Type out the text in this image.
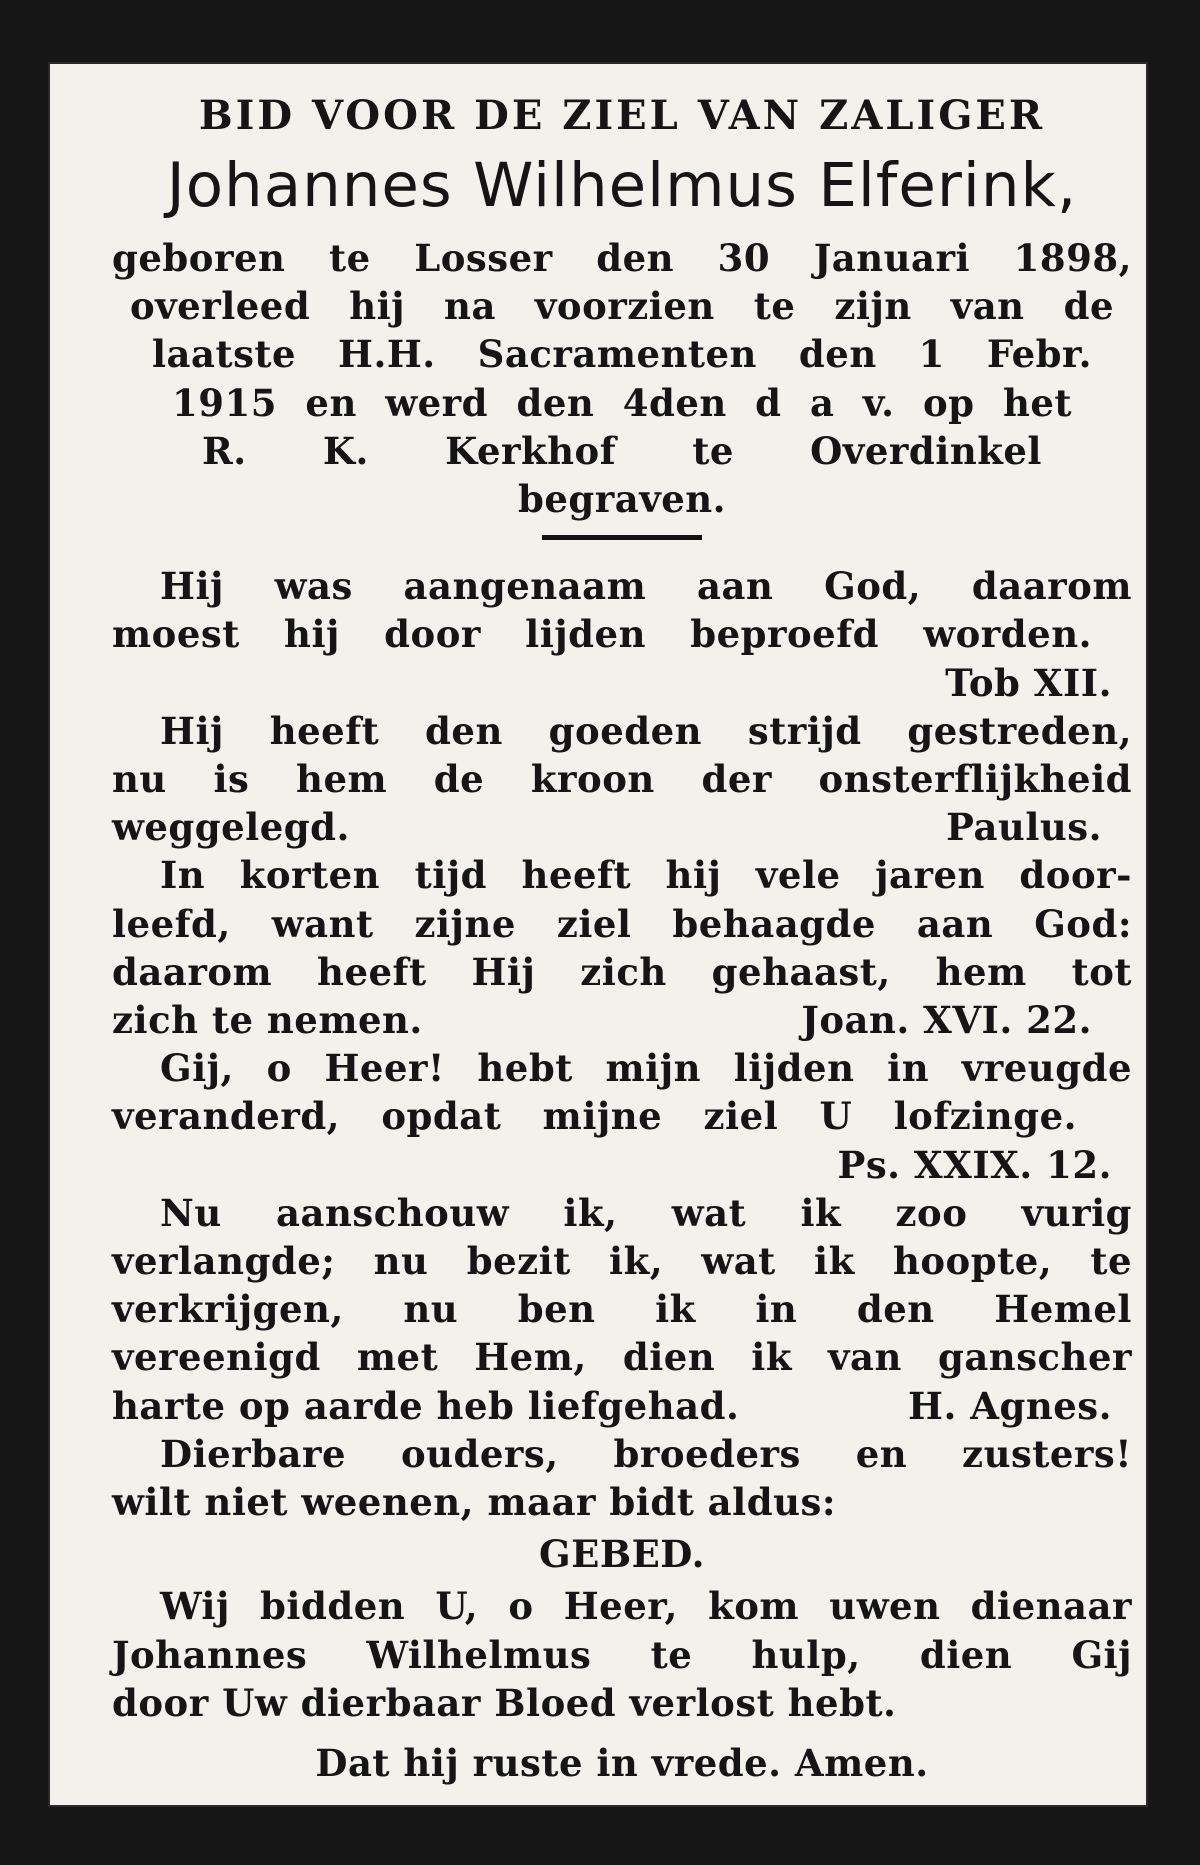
BID VOOR DE ZIEL VAN ZALIGER
Johannes Wilhelmus Elferink,
geboren te Losser den 30 Januari 1898,
overleed hij na voorzien te zijn van de
laatste H.H. Sacramenten den 1 Febr.
1915 en werd den 4den d a v. op het
R. K. Kerkhof te Overdinkel
begraven.
Hij was aangenaam aan God, daarom
moest hij door lijden beproefd worden.
Tob XII.
Hij heeft den goeden strijd gestreden,
nu is hem de kroon der onsterflijkheid
weggelegd.	Paulus.
In korten tijd heeft hij vele jaren door-
leefd, want zijne ziel behaagde aan God:
daarom heeft Hij zich gehaast, hem tot
zich te nemen.	Joan. XVI. 22.
Gij, o Heer! hebt mijn lijden in vreugde
veranderd, opdat mijne ziel U lofzinge.
Ps. XXIX. 12.
Nu aanschouw ik, wat ik zoo vurig
verlangde; nu bezit ik, wat ik hoopte, te
verkrijgen, nu ben ik in den Hemel
vereenigd met Hem, dien ik van ganscher
harte op aarde heb liefgehad.	H. Agnes.
Dierbare ouders, broeders en zusters!
wilt niet weenen, maar bidt aldus:
GEBED.
Wij bidden U, o Heer, kom uwen dienaar
Johannes Wilhelmus te hulp, dien Gij
door Uw dierbaar Bloed verlost hebt.
Dat hij ruste in vrede. Amen.
